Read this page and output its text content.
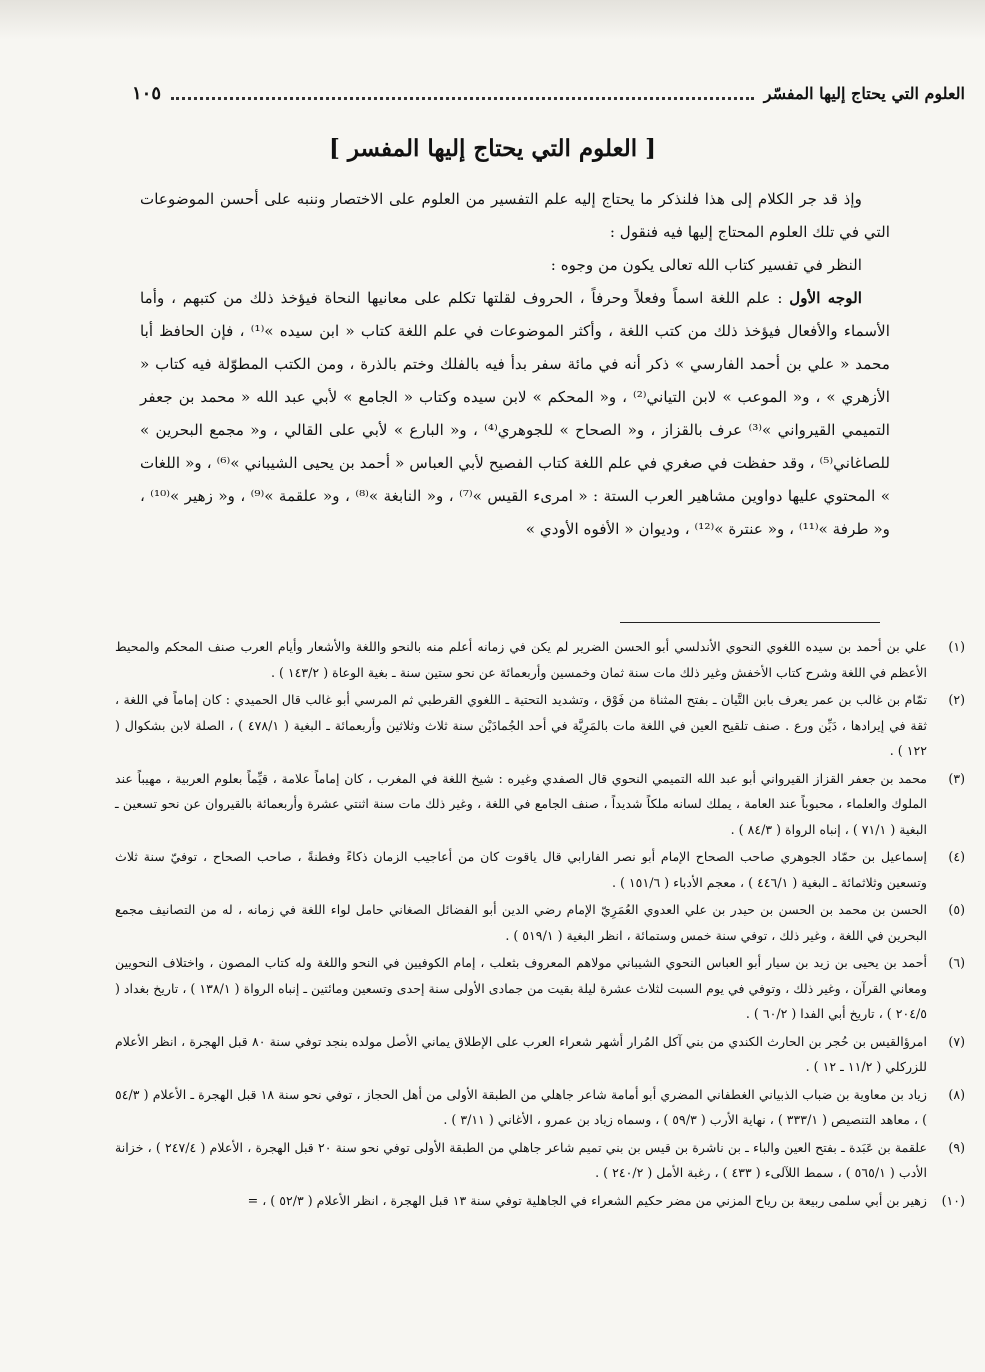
العلوم التي يحتاج إليها المفسّر
١٠٥
[ العلوم التي يحتاج إليها المفسر ]

وإذ قد جر الكلام إلى هذا فلنذكر ما يحتاج إليه علم التفسير من العلوم على الاختصار وننبه على أحسن الموضوعات التي في تلك العلوم المحتاج إليها فيه فنقول :

النظر في تفسير كتاب الله تعالى يكون من وجوه :

الوجه الأول : علم اللغة اسماً وفعلاً وحرفاً ، الحروف لقلتها تكلم على معانيها النحاة فيؤخذ ذلك من كتبهم ، وأما الأسماء والأفعال فيؤخذ ذلك من كتب اللغة ، وأكثر الموضوعات في علم اللغة كتاب « ابن سيده »⁽¹⁾ ، فإن الحافظ أبا محمد « علي بن أحمد الفارسي » ذكر أنه في مائة سفر بدأ فيه بالفلك وختم بالذرة ، ومن الكتب المطوّلة فيه كتاب « الأزهري » ، و« الموعب » لابن التياني⁽²⁾ ، و« المحكم » لابن سيده وكتاب « الجامع » لأبي عبد الله « محمد بن جعفر التميمي القيرواني »⁽³⁾ عرف بالقزاز ، و« الصحاح » للجوهري⁽⁴⁾ ، و« البارع » لأبي على القالي ، و« مجمع البحرين » للصاغاني⁽⁵⁾ ، وقد حفظت في صغري في علم اللغة كتاب الفصيح لأبي العباس « أحمد بن يحيى الشيباني »⁽⁶⁾ ، و« اللغات » المحتوي عليها دواوين مشاهير العرب الستة : « امرىء القيس »⁽⁷⁾ ، و« النابغة »⁽⁸⁾ ، و« علقمة »⁽⁹⁾ ، و« زهير »⁽¹⁰⁾ ، و« طرفة »⁽¹¹⁾ ، و« عنترة »⁽¹²⁾ ، وديوان « الأفوه الأودي »

(١)
علي بن أحمد بن سيده اللغوي النحوي الأندلسي أبو الحسن الضرير لم يكن في زمانه أعلم منه بالنحو واللغة والأشعار وأيام العرب صنف المحكم والمحيط الأعظم في اللغة وشرح كتاب الأخفش وغير ذلك مات سنة ثمان وخمسين وأربعمائة عن نحو ستين سنة ـ بغية الوعاة ( ١٤٣/٢ ) .
(٢)
تمّام بن غالب بن عمر يعرف بابن التَّيان ـ بفتح المثناة من فَوْق ، وتشديد التحتية ـ اللغوي القرطبي ثم المرسي أبو غالب قال الحميدي : كان إماماً في اللغة ، ثقة في إيرادها ، دَيِّن ورع . صنف تلقيح العين في اللغة مات بالمَرِيَّة في أحد الجُمادَيْن سنة ثلاث وثلاثين وأربعمائة ـ البغية ( ٤٧٨/١ ) ، الصلة لابن بشكوال ( ١٢٢ ) .
(٣)
محمد بن جعفر القزاز القيرواني أبو عبد الله التميمي النحوي قال الصفدي وغيره : شيخ اللغة في المغرب ، كان إماماً علامة ، قيِّماً بعلوم العربية ، مهيباً عند الملوك والعلماء ، محبوباً عند العامة ، يملك لسانه ملكاً شديداً ، صنف الجامع في اللغة ، وغير ذلك مات سنة اثنتي عشرة وأربعمائة بالقيروان عن نحو تسعين ـ البغية ( ٧١/١ ) ، إنباه الرواة ( ٨٤/٣ ) .
(٤)
إسماعيل بن حمّاد الجوهري صاحب الصحاح الإمام أبو نصر الفارابي قال ياقوت كان من أعاجيب الزمان ذكاءً وفطنةً ، صاحب الصحاح ، توفيّ سنة ثلاث وتسعين وثلاثمائة ـ البغية ( ٤٤٦/١ ) ، معجم الأدباء ( ١٥١/٦ ) .
(٥)
الحسن بن محمد بن الحسن بن حيدر بن علي العدوي العُمَرِيّ الإمام رضي الدين أبو الفضائل الصغاني حامل لواء اللغة في زمانه ، له من التصانيف مجمع البحرين في اللغة ، وغير ذلك ، توفي سنة خمس وستمائة ، انظر البغية ( ٥١٩/١ ) .
(٦)
أحمد بن يحيى بن زيد بن سيار أبو العباس النحوي الشيباني مولاهم المعروف بثعلب ، إمام الكوفيين في النحو واللغة وله كتاب المصون ، واختلاف النحويين ومعاني القرآن ، وغير ذلك ، وتوفي في يوم السبت لثلاث عشرة ليلة بقيت من جمادى الأولى سنة إحدى وتسعين ومائتين ـ إنباه الرواة ( ١٣٨/١ ) ، تاريخ بغداد ( ٢٠٤/٥ ) ، تاريخ أبي الفدا ( ٦٠/٢ ) .
(٧)
امرؤالقيس بن حُجر بن الحارث الكندي من بني آكل المُرار أشهر شعراء العرب على الإطلاق يماني الأصل مولده بنجد توفي سنة ٨٠ قبل الهجرة ، انظر الأعلام للزركلي ( ١١/٢ ـ ١٢ ) .
(٨)
زياد بن معاوية بن ضباب الذبياني الغطفاني المضري أبو أمامة شاعر جاهلي من الطبقة الأولى من أهل الحجاز ، توفي نحو سنة ١٨ قبل الهجرة ـ الأعلام ( ٥٤/٣ ) ، معاهد التنصيص ( ٣٣٣/١ ) ، نهاية الأرب ( ٥٩/٣ ) ، وسماه زياد بن عمرو ، الأغاني ( ٣/١١ ) .
(٩)
علقمة بن عَبَدة ـ بفتح العين والباء ـ بن ناشرة بن قيس بن بني تميم شاعر جاهلي من الطبقة الأولى توفي نحو سنة ٢٠ قبل الهجرة ، الأعلام ( ٢٤٧/٤ ) ، خزانة الأدب ( ٥٦٥/١ ) ، سمط اللآلىء ( ٤٣٣ ) ، رغبة الأمل ( ٢٤٠/٢ ) .
(١٠)
زهير بن أبي سلمى ربيعة بن رياح المزني من مضر حكيم الشعراء في الجاهلية توفي سنة ١٣ قبل الهجرة ، انظر الأعلام ( ٥٢/٣ ) ، =
